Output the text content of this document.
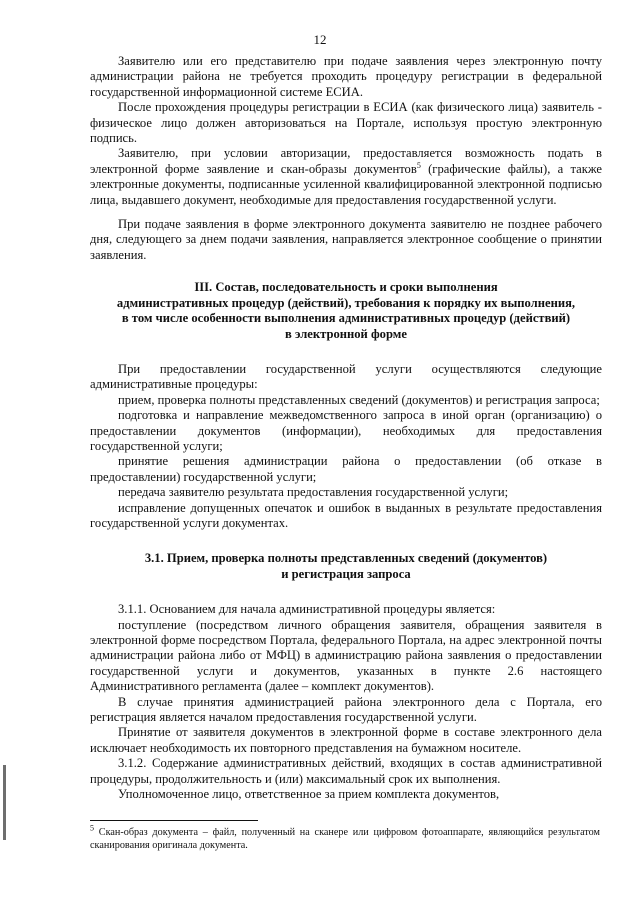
12

Заявителю или его представителю при подаче заявления через электронную почту администрации района не требуется проходить процедуру регистрации в федеральной государственной информационной системе ЕСИА.

После прохождения процедуры регистрации в ЕСИА (как физического лица) заявитель - физическое лицо должен авторизоваться на Портале, используя простую электронную подпись.

Заявителю, при условии авторизации, предоставляется возможность подать в электронной форме заявление и скан-образы документов$^5$ (графические файлы), а также электронные документы, подписанные усиленной квалифицированной электронной подписью лица, выдавшего документ, необходимые для предоставления государственной услуги.

При подаче заявления в форме электронного документа заявителю не позднее рабочего дня, следующего за днем подачи заявления, направляется электронное сообщение о принятии заявления.

III. Состав, последовательность и сроки выполнения
административных процедур (действий), требования к порядку их выполнения,
в том числе особенности выполнения административных процедур (действий)
в электронной форме

При предоставлении государственной услуги осуществляются следующие административные процедуры:

прием, проверка полноты представленных сведений (документов) и регистрация запроса;

подготовка и направление межведомственного запроса в иной орган (организацию) о предоставлении документов (информации), необходимых для предоставления государственной услуги;

принятие решения администрации района о предоставлении (об отказе в предоставлении) государственной услуги;

передача заявителю результата предоставления государственной услуги;

исправление допущенных опечаток и ошибок в выданных в результате предоставления государственной услуги документах.

3.1. Прием, проверка полноты представленных сведений (документов)
и регистрация запроса

3.1.1. Основанием для начала административной процедуры является:

поступление (посредством личного обращения заявителя, обращения заявителя в электронной форме посредством Портала, федерального Портала, на адрес электронной почты администрации района либо от МФЦ) в администрацию района заявления о предоставлении государственной услуги и документов, указанных в пункте 2.6 настоящего Административного регламента (далее – комплект документов).

В случае принятия администрацией района электронного дела с Портала, его регистрация является началом предоставления государственной услуги.

Принятие от заявителя документов в электронной форме в составе электронного дела исключает необходимость их повторного представления на бумажном носителе.

3.1.2. Содержание административных действий, входящих в состав административной процедуры, продолжительность и (или) максимальный срок их выполнения.

Уполномоченное лицо, ответственное за прием комплекта документов,

$^5$ Скан-образ документа – файл, полученный на сканере или цифровом фотоаппарате, являющийся результатом сканирования оригинала документа.
